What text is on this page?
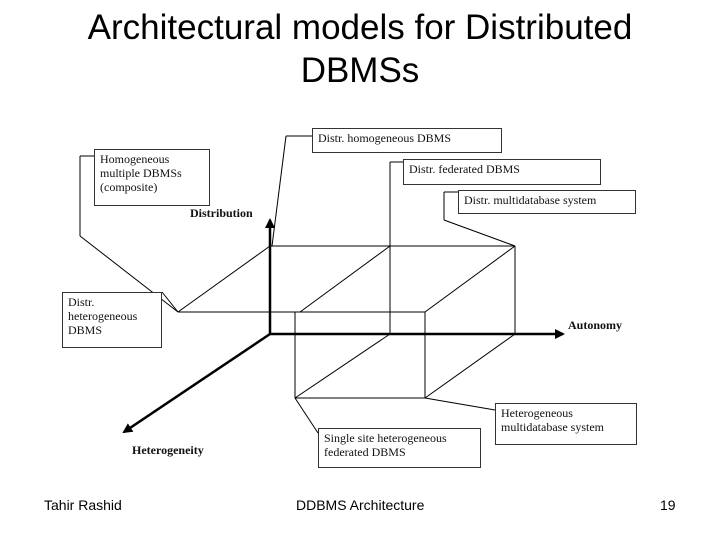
Architectural models for Distributed
DBMSs
Distribution
Autonomy
Heterogeneity
Homogeneous
multiple DBMSs
(composite)
Distr. homogeneous DBMS
Distr. federated DBMS
Distr. multidatabase system
Distr.
heterogeneous
DBMS
Heterogeneous
multidatabase system
Single site heterogeneous
federated DBMS
Tahir Rashid	DDBMS Architecture	19
